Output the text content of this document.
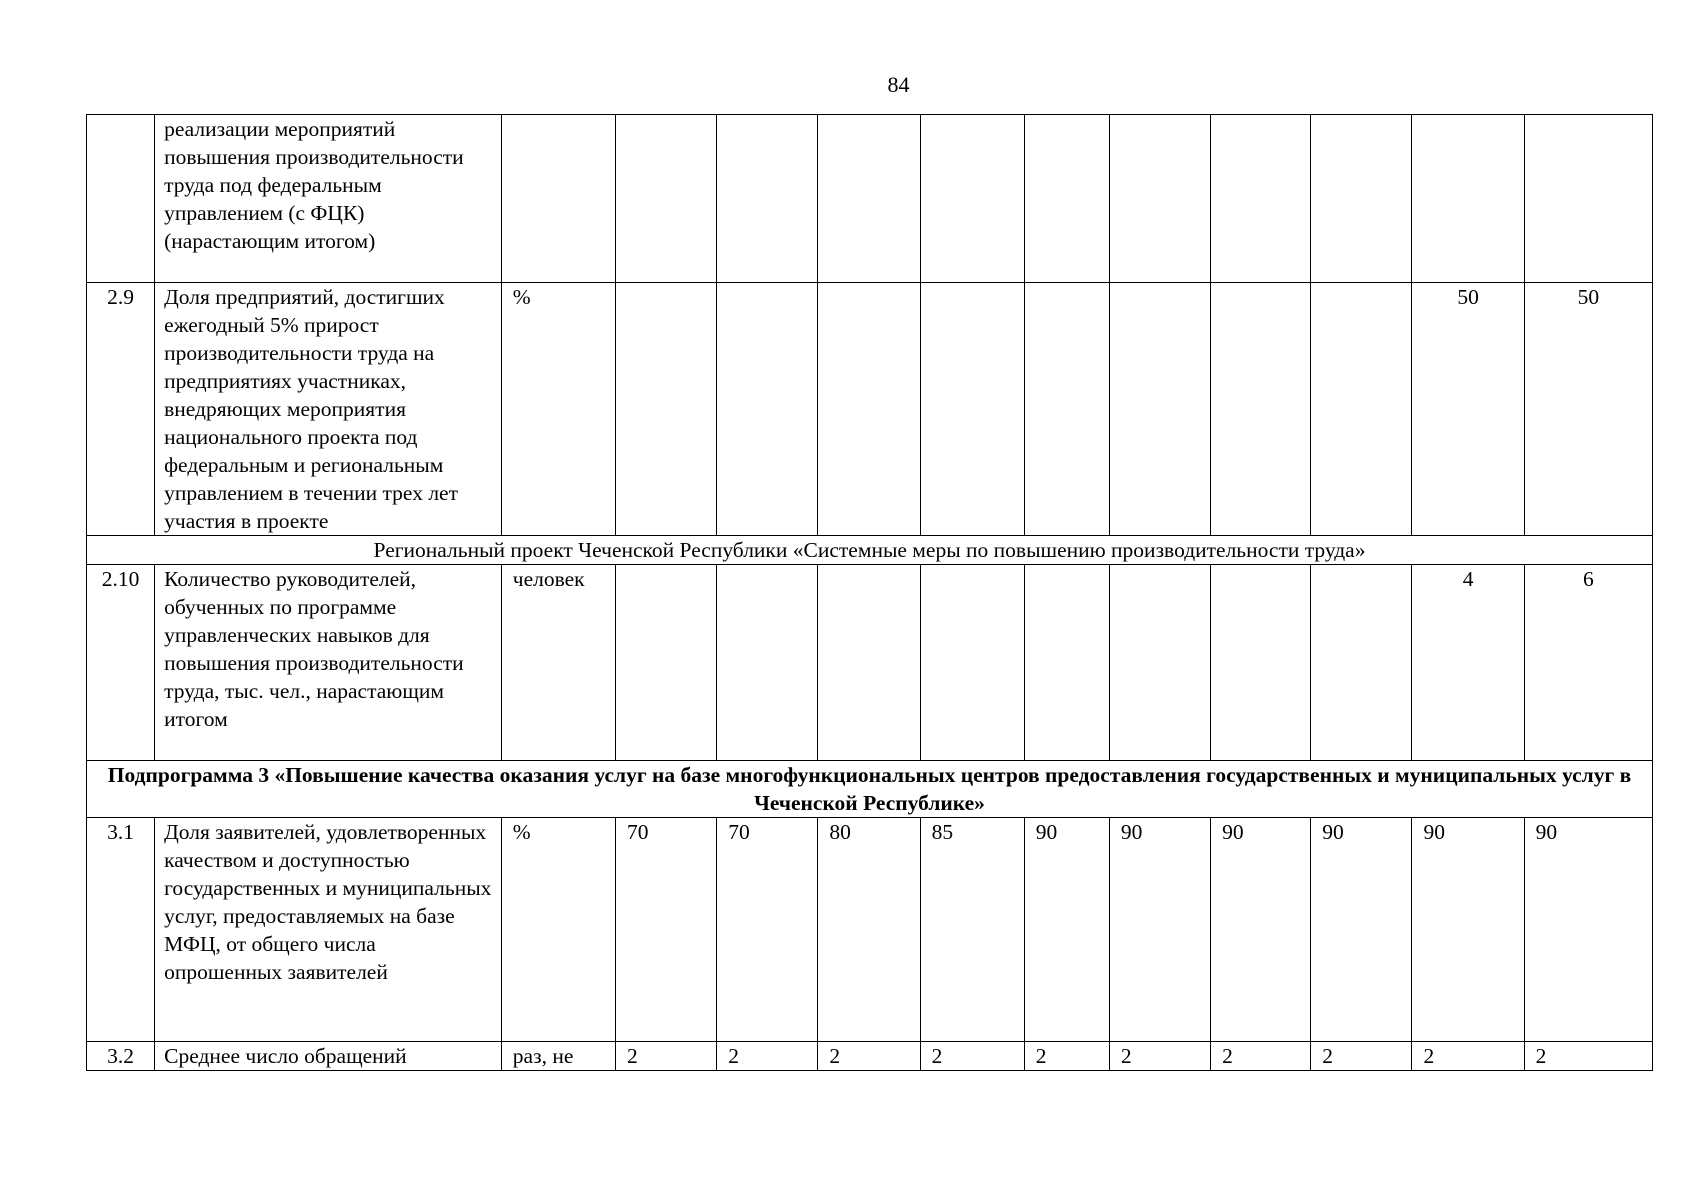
84
	реализации мероприятий повышения производительности труда под федеральным управлением (с ФЦК) (нарастающим итогом)											
2.9	Доля предприятий, достигших ежегодный 5% прирост производительности труда на предприятиях участниках, внедряющих мероприятия национального проекта под федеральным и региональным управлением в течении трех лет участия в проекте	%									50	50
Региональный проект Чеченской Республики «Системные меры по повышению производительности труда»												
2.10	Количество руководителей, обученных по программе управленческих навыков для повышения производительности труда, тыс. чел., нарастающим итогом	человек									4	6
Подпрограмма 3 «Повышение качества оказания услуг на базе многофункциональных центров предоставления государственных и муниципальных услуг в Чеченской Республике»												
3.1	Доля заявителей, удовлетворенных качеством и доступностью государственных и муниципальных услуг, предоставляемых на базе МФЦ, от общего числа опрошенных заявителей	%	70	70	80	85	90	90	90	90	90	90
3.2	Среднее число обращений	раз, не	2	2	2	2	2	2	2	2	2	2
